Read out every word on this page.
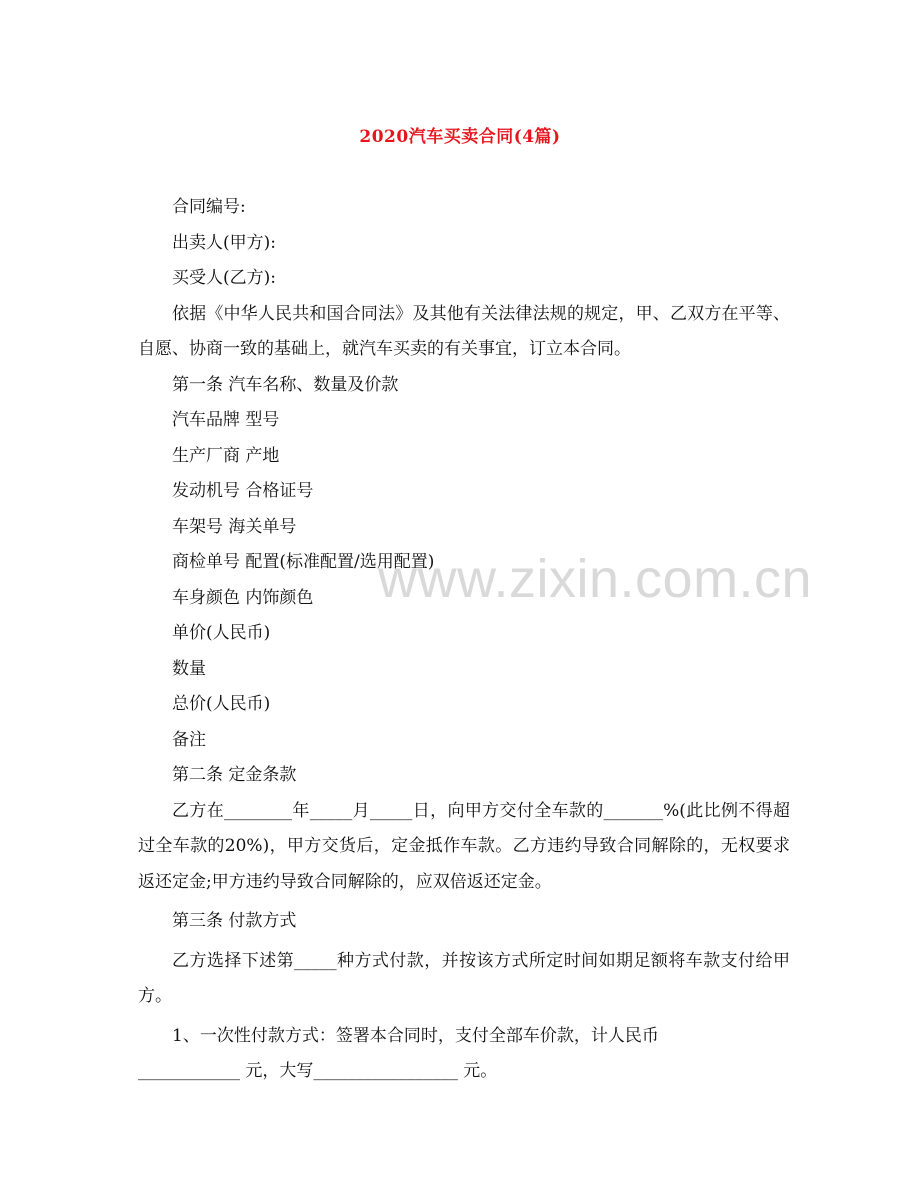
www.zixin.com.cn
2020汽车买卖合同(4篇)

合同编号:

出卖人(甲方):

买受人(乙方):

依据《中华人民共和国合同法》及其他有关法律法规的规定，甲、乙双方在平等、自愿、协商一致的基础上，就汽车买卖的有关事宜，订立本合同。

第一条 汽车名称、数量及价款

汽车品牌 型号

生产厂商 产地

发动机号 合格证号

车架号 海关单号

商检单号 配置(标准配置/选用配置)

车身颜色 内饰颜色

单价(人民币)

数量

总价(人民币)

备注

第二条 定金条款

乙方在________年_____月_____日，向甲方交付全车款的_______%(此比例不得超过全车款的20%)，甲方交货后，定金抵作车款。乙方违约导致合同解除的，无权要求返还定金;甲方违约导致合同解除的，应双倍返还定金。

第三条 付款方式

乙方选择下述第_____种方式付款，并按该方式所定时间如期足额将车款支付给甲方。

1、一次性付款方式：签署本合同时，支付全部车价款，计人民币

____________ 元，大写_________________ 元。
